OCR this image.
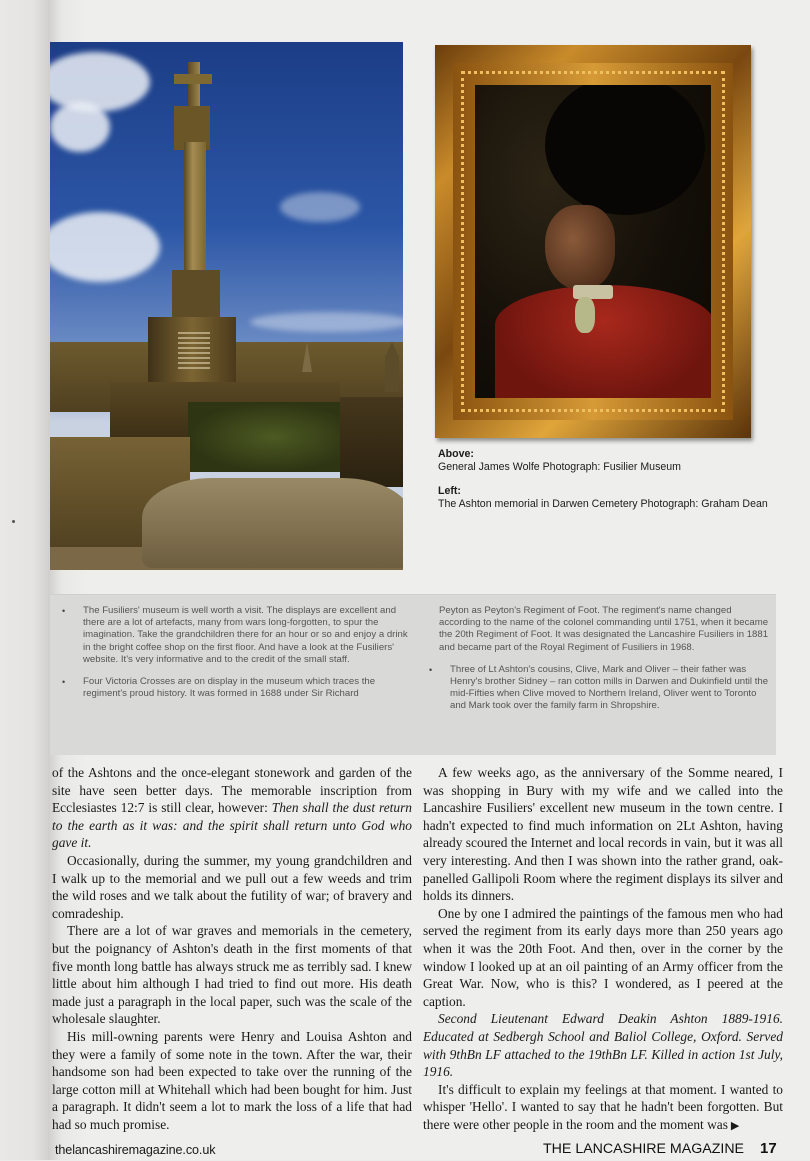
Above:
General James Wolfe Photograph: Fusilier Museum
Left:
The Ashton memorial in Darwen Cemetery Photograph: Graham Dean
• The Fusiliers' museum is well worth a visit. The displays are excellent and there are a lot of artefacts, many from wars long-forgotten, to spur the imagination. Take the grandchildren there for an hour or so and enjoy a drink in the bright coffee shop on the first floor. And have a look at the Fusiliers' website. It's very informative and to the credit of the small staff.
• Four Victoria Crosses are on display in the museum which traces the regiment's proud history. It was formed in 1688 under Sir Richard
Peyton as Peyton's Regiment of Foot. The regiment's name changed according to the name of the colonel commanding until 1751, when it became the 20th Regiment of Foot. It was designated the Lancashire Fusiliers in 1881 and became part of the Royal Regiment of Fusiliers in 1968.
• Three of Lt Ashton's cousins, Clive, Mark and Oliver – their father was Henry's brother Sidney – ran cotton mills in Darwen and Dukinfield until the mid-Fifties when Clive moved to Northern Ireland, Oliver went to Toronto and Mark took over the family farm in Shropshire.

of the Ashtons and the once-elegant stonework and garden of the site have seen better days. The memorable inscription from Ecclesiastes 12:7 is still clear, however: Then shall the dust return to the earth as it was: and the spirit shall return unto God who gave it.

Occasionally, during the summer, my young grandchildren and I walk up to the memorial and we pull out a few weeds and trim the wild roses and we talk about the futility of war; of bravery and comradeship.

There are a lot of war graves and memorials in the cemetery, but the poignancy of Ashton's death in the first moments of that five month long battle has always struck me as terribly sad. I knew little about him although I had tried to find out more. His death made just a paragraph in the local paper, such was the scale of the wholesale slaughter.

His mill-owning parents were Henry and Louisa Ashton and they were a family of some note in the town. After the war, their handsome son had been expected to take over the running of the large cotton mill at Whitehall which had been bought for him. Just a paragraph. It didn't seem a lot to mark the loss of a life that had had so much promise.

A few weeks ago, as the anniversary of the Somme neared, I was shopping in Bury with my wife and we called into the Lancashire Fusiliers' excellent new museum in the town centre. I hadn't expected to find much information on 2Lt Ashton, having already scoured the Internet and local records in vain, but it was all very interesting. And then I was shown into the rather grand, oak-panelled Gallipoli Room where the regiment displays its silver and holds its dinners.

One by one I admired the paintings of the famous men who had served the regiment from its early days more than 250 years ago when it was the 20th Foot. And then, over in the corner by the window I looked up at an oil painting of an Army officer from the Great War. Now, who is this? I wondered, as I peered at the caption.

Second Lieutenant Edward Deakin Ashton 1889-1916. Educated at Sedbergh School and Baliol College, Oxford. Served with 9thBn LF attached to the 19thBn LF. Killed in action 1st July, 1916.

It's difficult to explain my feelings at that moment. I wanted to whisper 'Hello'. I wanted to say that he hadn't been forgotten. But there were other people in the room and the moment was ▶

thelancashiremagazine.co.uk	THE LANCASHIRE MAGAZINE 17
